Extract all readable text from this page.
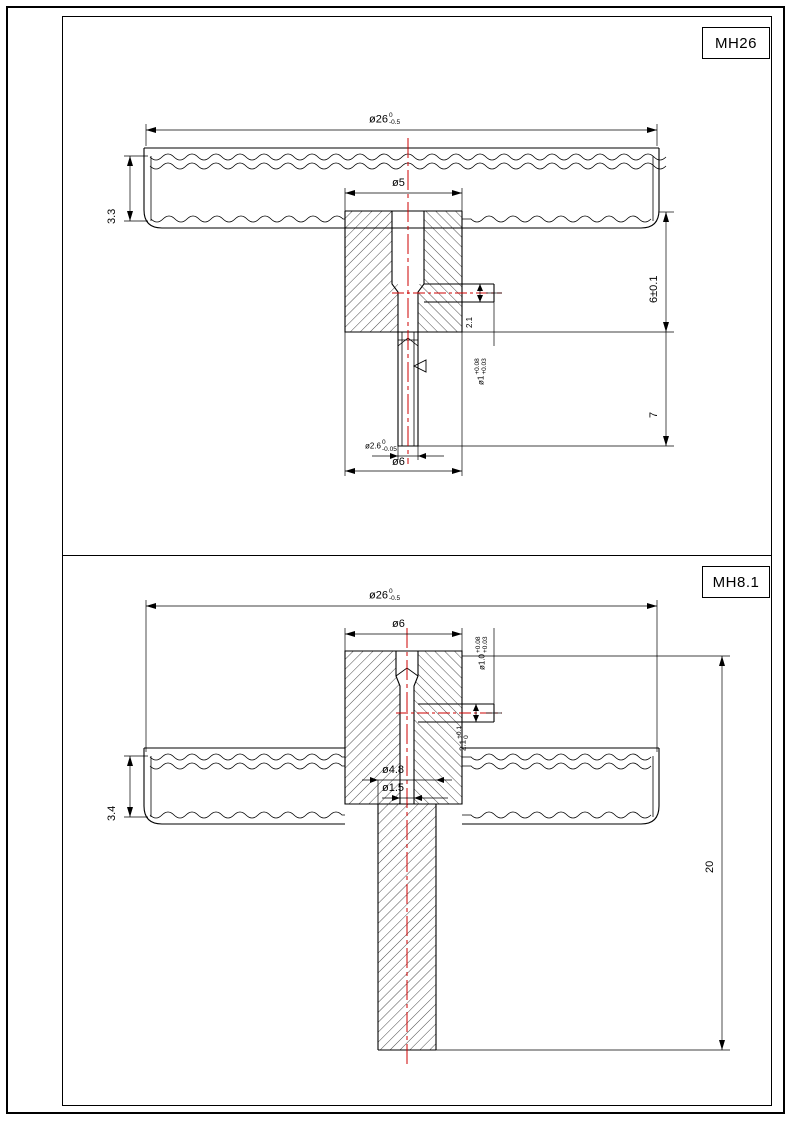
MH26
MH8.1
ø26 0
-0.5
ø5
3.3
6±0.1
7
2.1
ø1
+0.08 +0.03
ø2.6 0
-0.05
ø6
ø26 0
-0.5
ø6
ø1.0
+0.08 +0.03
2.1
+0.1 0
3.4
ø4.8
ø1.5
20
